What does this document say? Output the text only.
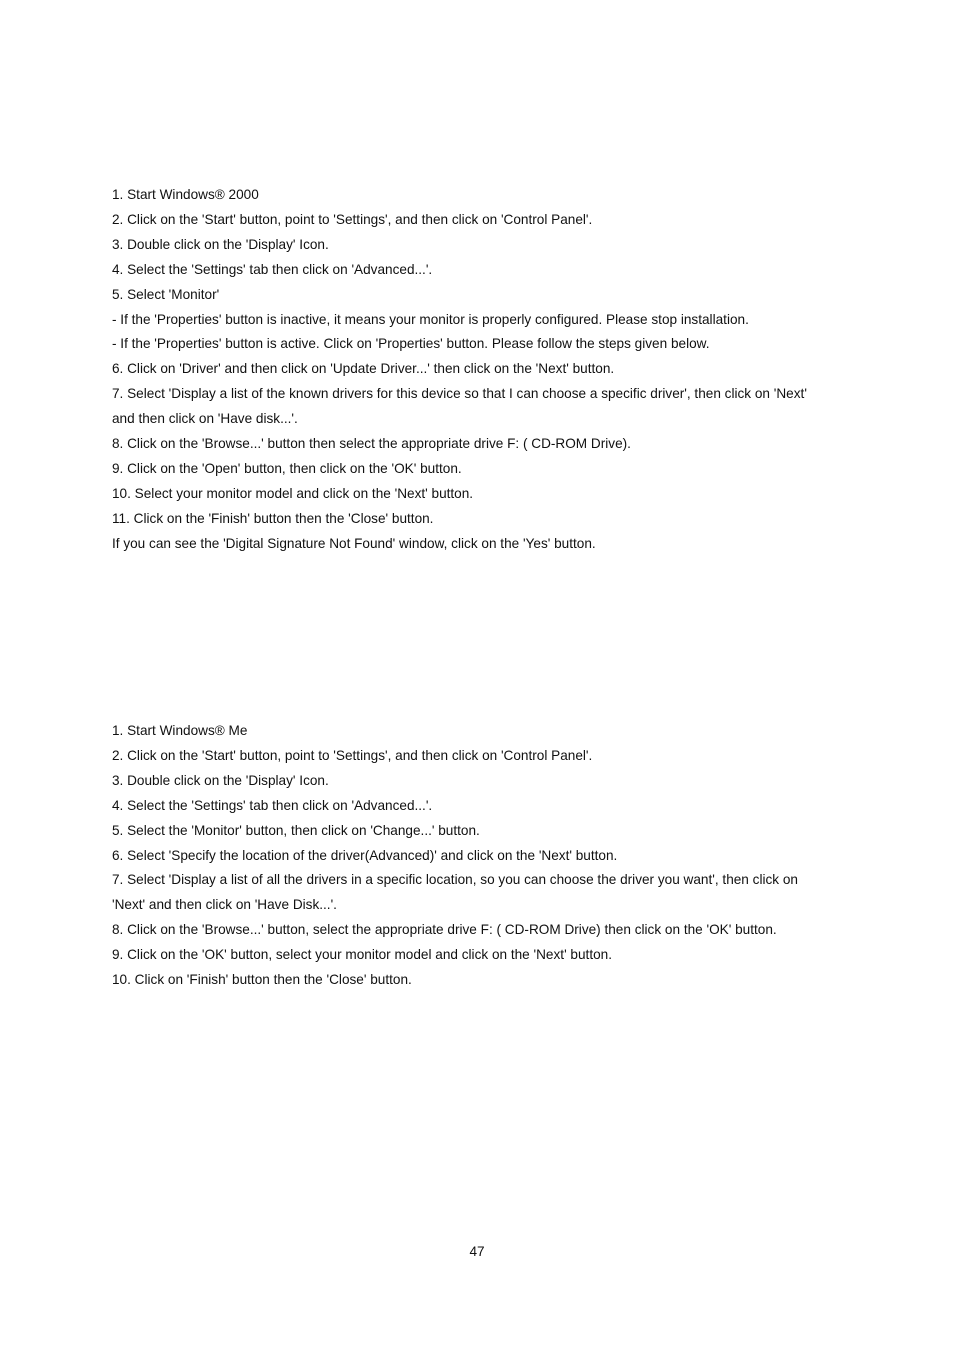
1. Start Windows® 2000

2. Click on the 'Start' button, point to 'Settings', and then click on 'Control Panel'.

3. Double click on the 'Display' Icon.

4. Select the 'Settings' tab then click on 'Advanced...'.

5. Select 'Monitor'

- If the 'Properties' button is inactive, it means your monitor is properly configured. Please stop installation.

- If the 'Properties' button is active. Click on 'Properties' button. Please follow the steps given below.

6. Click on 'Driver' and then click on 'Update Driver...' then click on the 'Next' button.

7. Select 'Display a list of the known drivers for this device so that I can choose a specific driver', then click on 'Next'

and then click on 'Have disk...'.

8. Click on the 'Browse...' button then select the appropriate drive F: ( CD-ROM Drive).

9. Click on the 'Open' button, then click on the 'OK' button.

10. Select your monitor model and click on the 'Next' button.

11. Click on the 'Finish' button then the 'Close' button.

If you can see the 'Digital Signature Not Found' window, click on the 'Yes' button.

1. Start Windows® Me

2. Click on the 'Start' button, point to 'Settings', and then click on 'Control Panel'.

3. Double click on the 'Display' Icon.

4. Select the 'Settings' tab then click on 'Advanced...'.

5. Select the 'Monitor' button, then click on 'Change...' button.

6. Select 'Specify the location of the driver(Advanced)' and click on the 'Next' button.

7. Select 'Display a list of all the drivers in a specific location, so you can choose the driver you want', then click on

'Next' and then click on 'Have Disk...'.

8. Click on the 'Browse...' button, select the appropriate drive F: ( CD-ROM Drive) then click on the 'OK' button.

9. Click on the 'OK' button, select your monitor model and click on the 'Next' button.

10. Click on 'Finish' button then the 'Close' button.

47
